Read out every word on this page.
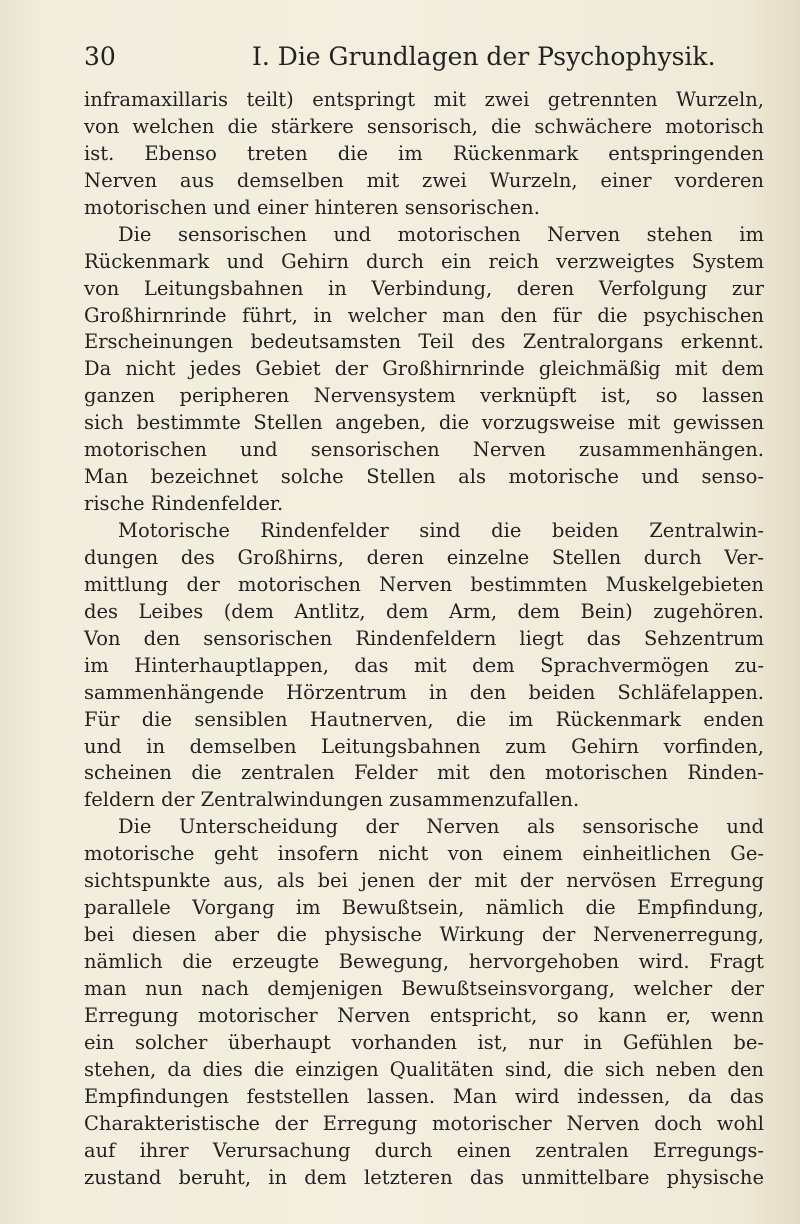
30	I. Die Grundlagen der Psychophysik.
inframaxillaris teilt) entspringt mit zwei getrennten Wurzeln,
von welchen die stärkere sensorisch, die schwächere motorisch
ist. Ebenso treten die im Rückenmark entspringenden
Nerven aus demselben mit zwei Wurzeln, einer vorderen
motorischen und einer hinteren sensorischen.
Die sensorischen und motorischen Nerven stehen im
Rückenmark und Gehirn durch ein reich verzweigtes System
von Leitungsbahnen in Verbindung, deren Verfolgung zur
Großhirnrinde führt, in welcher man den für die psychischen
Erscheinungen bedeutsamsten Teil des Zentralorgans erkennt.
Da nicht jedes Gebiet der Großhirnrinde gleichmäßig mit dem
ganzen peripheren Nervensystem verknüpft ist, so lassen
sich bestimmte Stellen angeben, die vorzugsweise mit gewissen
motorischen und sensorischen Nerven zusammenhängen.
Man bezeichnet solche Stellen als motorische und senso-
rische Rindenfelder.
Motorische Rindenfelder sind die beiden Zentralwin-
dungen des Großhirns, deren einzelne Stellen durch Ver-
mittlung der motorischen Nerven bestimmten Muskelgebieten
des Leibes (dem Antlitz, dem Arm, dem Bein) zugehören.
Von den sensorischen Rindenfeldern liegt das Sehzentrum
im Hinterhauptlappen, das mit dem Sprachvermögen zu-
sammenhängende Hörzentrum in den beiden Schläfelappen.
Für die sensiblen Hautnerven, die im Rückenmark enden
und in demselben Leitungsbahnen zum Gehirn vorfinden,
scheinen die zentralen Felder mit den motorischen Rinden-
feldern der Zentralwindungen zusammenzufallen.
Die Unterscheidung der Nerven als sensorische und
motorische geht insofern nicht von einem einheitlichen Ge-
sichtspunkte aus, als bei jenen der mit der nervösen Erregung
parallele Vorgang im Bewußtsein, nämlich die Empfindung,
bei diesen aber die physische Wirkung der Nervenerregung,
nämlich die erzeugte Bewegung, hervorgehoben wird. Fragt
man nun nach demjenigen Bewußtseinsvorgang, welcher der
Erregung motorischer Nerven entspricht, so kann er, wenn
ein solcher überhaupt vorhanden ist, nur in Gefühlen be-
stehen, da dies die einzigen Qualitäten sind, die sich neben den
Empfindungen feststellen lassen. Man wird indessen, da das
Charakteristische der Erregung motorischer Nerven doch wohl
auf ihrer Verursachung durch einen zentralen Erregungs-
zustand beruht, in dem letzteren das unmittelbare physische
